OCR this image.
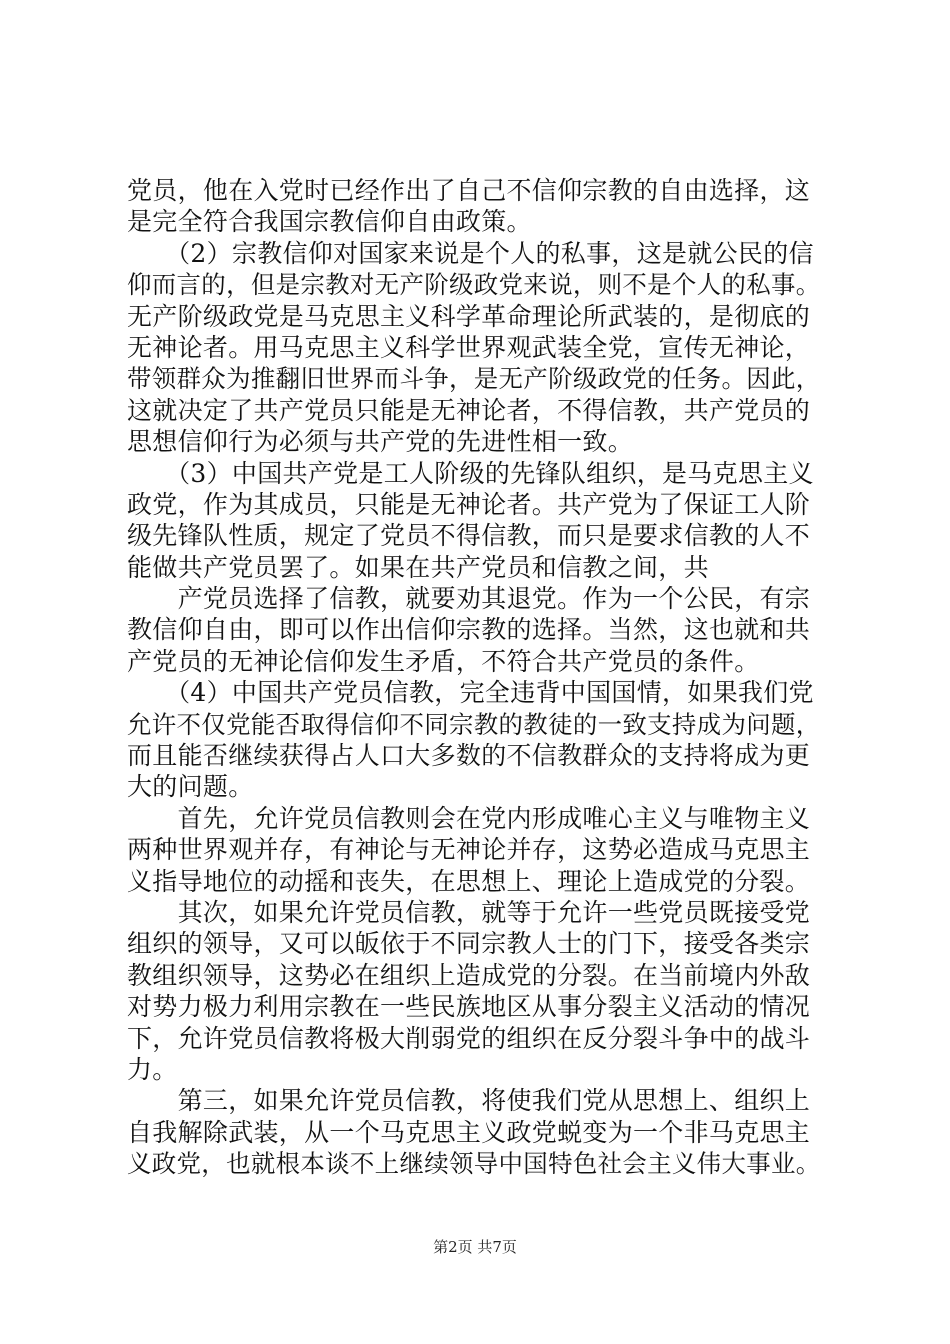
党员，他在入党时已经作出了自己不信仰宗教的自由选择，这
是完全符合我国宗教信仰自由政策。
　　（2）宗教信仰对国家来说是个人的私事，这是就公民的信
仰而言的，但是宗教对无产阶级政党来说，则不是个人的私事。
无产阶级政党是马克思主义科学革命理论所武装的，是彻底的
无神论者。用马克思主义科学世界观武装全党，宣传无神论，
带领群众为推翻旧世界而斗争，是无产阶级政党的任务。因此，
这就决定了共产党员只能是无神论者，不得信教，共产党员的
思想信仰行为必须与共产党的先进性相一致。
　　（3）中国共产党是工人阶级的先锋队组织，是马克思主义
政党，作为其成员，只能是无神论者。共产党为了保证工人阶
级先锋队性质，规定了党员不得信教，而只是要求信教的人不
能做共产党员罢了。如果在共产党员和信教之间，共
　　产党员选择了信教，就要劝其退党。作为一个公民，有宗
教信仰自由，即可以作出信仰宗教的选择。当然，这也就和共
产党员的无神论信仰发生矛盾，不符合共产党员的条件。
　　（4）中国共产党员信教，完全违背中国国情，如果我们党
允许不仅党能否取得信仰不同宗教的教徒的一致支持成为问题，
而且能否继续获得占人口大多数的不信教群众的支持将成为更
大的问题。
　　首先，允许党员信教则会在党内形成唯心主义与唯物主义
两种世界观并存，有神论与无神论并存，这势必造成马克思主
义指导地位的动摇和丧失，在思想上、理论上造成党的分裂。
　　其次，如果允许党员信教，就等于允许一些党员既接受党
组织的领导，又可以皈依于不同宗教人士的门下，接受各类宗
教组织领导，这势必在组织上造成党的分裂。在当前境内外敌
对势力极力利用宗教在一些民族地区从事分裂主义活动的情况
下，允许党员信教将极大削弱党的组织在反分裂斗争中的战斗
力。
　　第三，如果允许党员信教，将使我们党从思想上、组织上
自我解除武装，从一个马克思主义政党蜕变为一个非马克思主
义政党，也就根本谈不上继续领导中国特色社会主义伟大事业。
第2页 共7页
